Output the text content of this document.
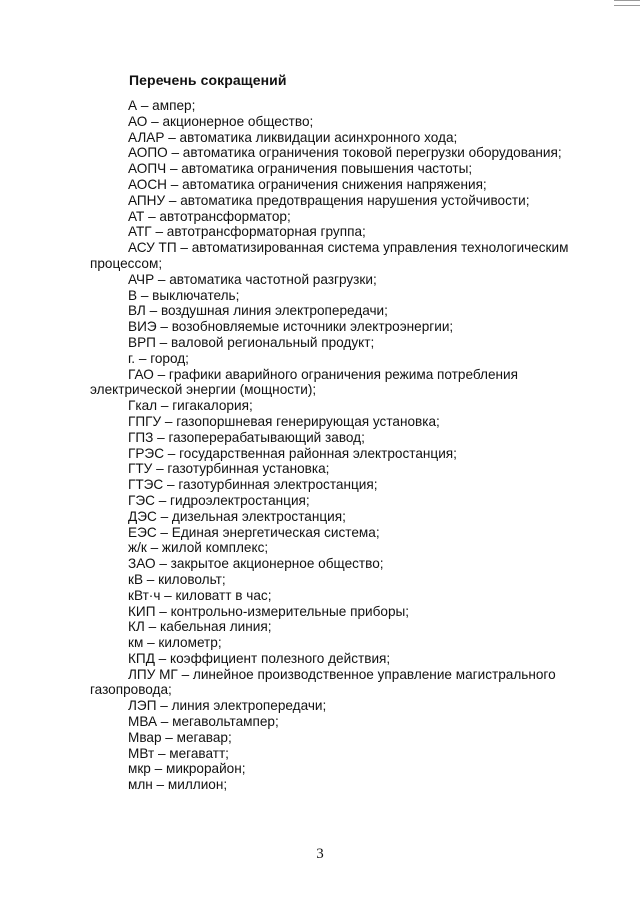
Перечень сокращений

А – ампер;

АО – акционерное общество;

АЛАР – автоматика ликвидации асинхронного хода;

АОПО – автоматика ограничения токовой перегрузки оборудования;

АОПЧ – автоматика ограничения повышения частоты;

АОСН – автоматика ограничения снижения напряжения;

АПНУ – автоматика предотвращения нарушения устойчивости;

АТ – автотрансформатор;

АТГ – автотрансформаторная группа;

АСУ ТП – автоматизированная система управления технологическим процессом;

АЧР – автоматика частотной разгрузки;

В – выключатель;

ВЛ – воздушная линия электропередачи;

ВИЭ – возобновляемые источники электроэнергии;

ВРП – валовой региональный продукт;

г. – город;

ГАО – графики аварийного ограничения режима потребления электрической энергии (мощности);

Гкал – гигакалория;

ГПГУ – газопоршневая генерирующая установка;

ГПЗ – газоперерабатывающий завод;

ГРЭС – государственная районная электростанция;

ГТУ – газотурбинная установка;

ГТЭС – газотурбинная электростанция;

ГЭС – гидроэлектростанция;

ДЭС – дизельная электростанция;

ЕЭС – Единая энергетическая система;

ж/к – жилой комплекс;

ЗАО – закрытое акционерное общество;

кВ – киловольт;

кВт·ч – киловатт в час;

КИП – контрольно-измерительные приборы;

КЛ – кабельная линия;

км – километр;

КПД – коэффициент полезного действия;

ЛПУ МГ – линейное производственное управление магистрального газопровода;

ЛЭП – линия электропередачи;

МВА – мегавольтампер;

Мвар – мегавар;

МВт – мегаватт;

мкр – микрорайон;

млн – миллион;

3
